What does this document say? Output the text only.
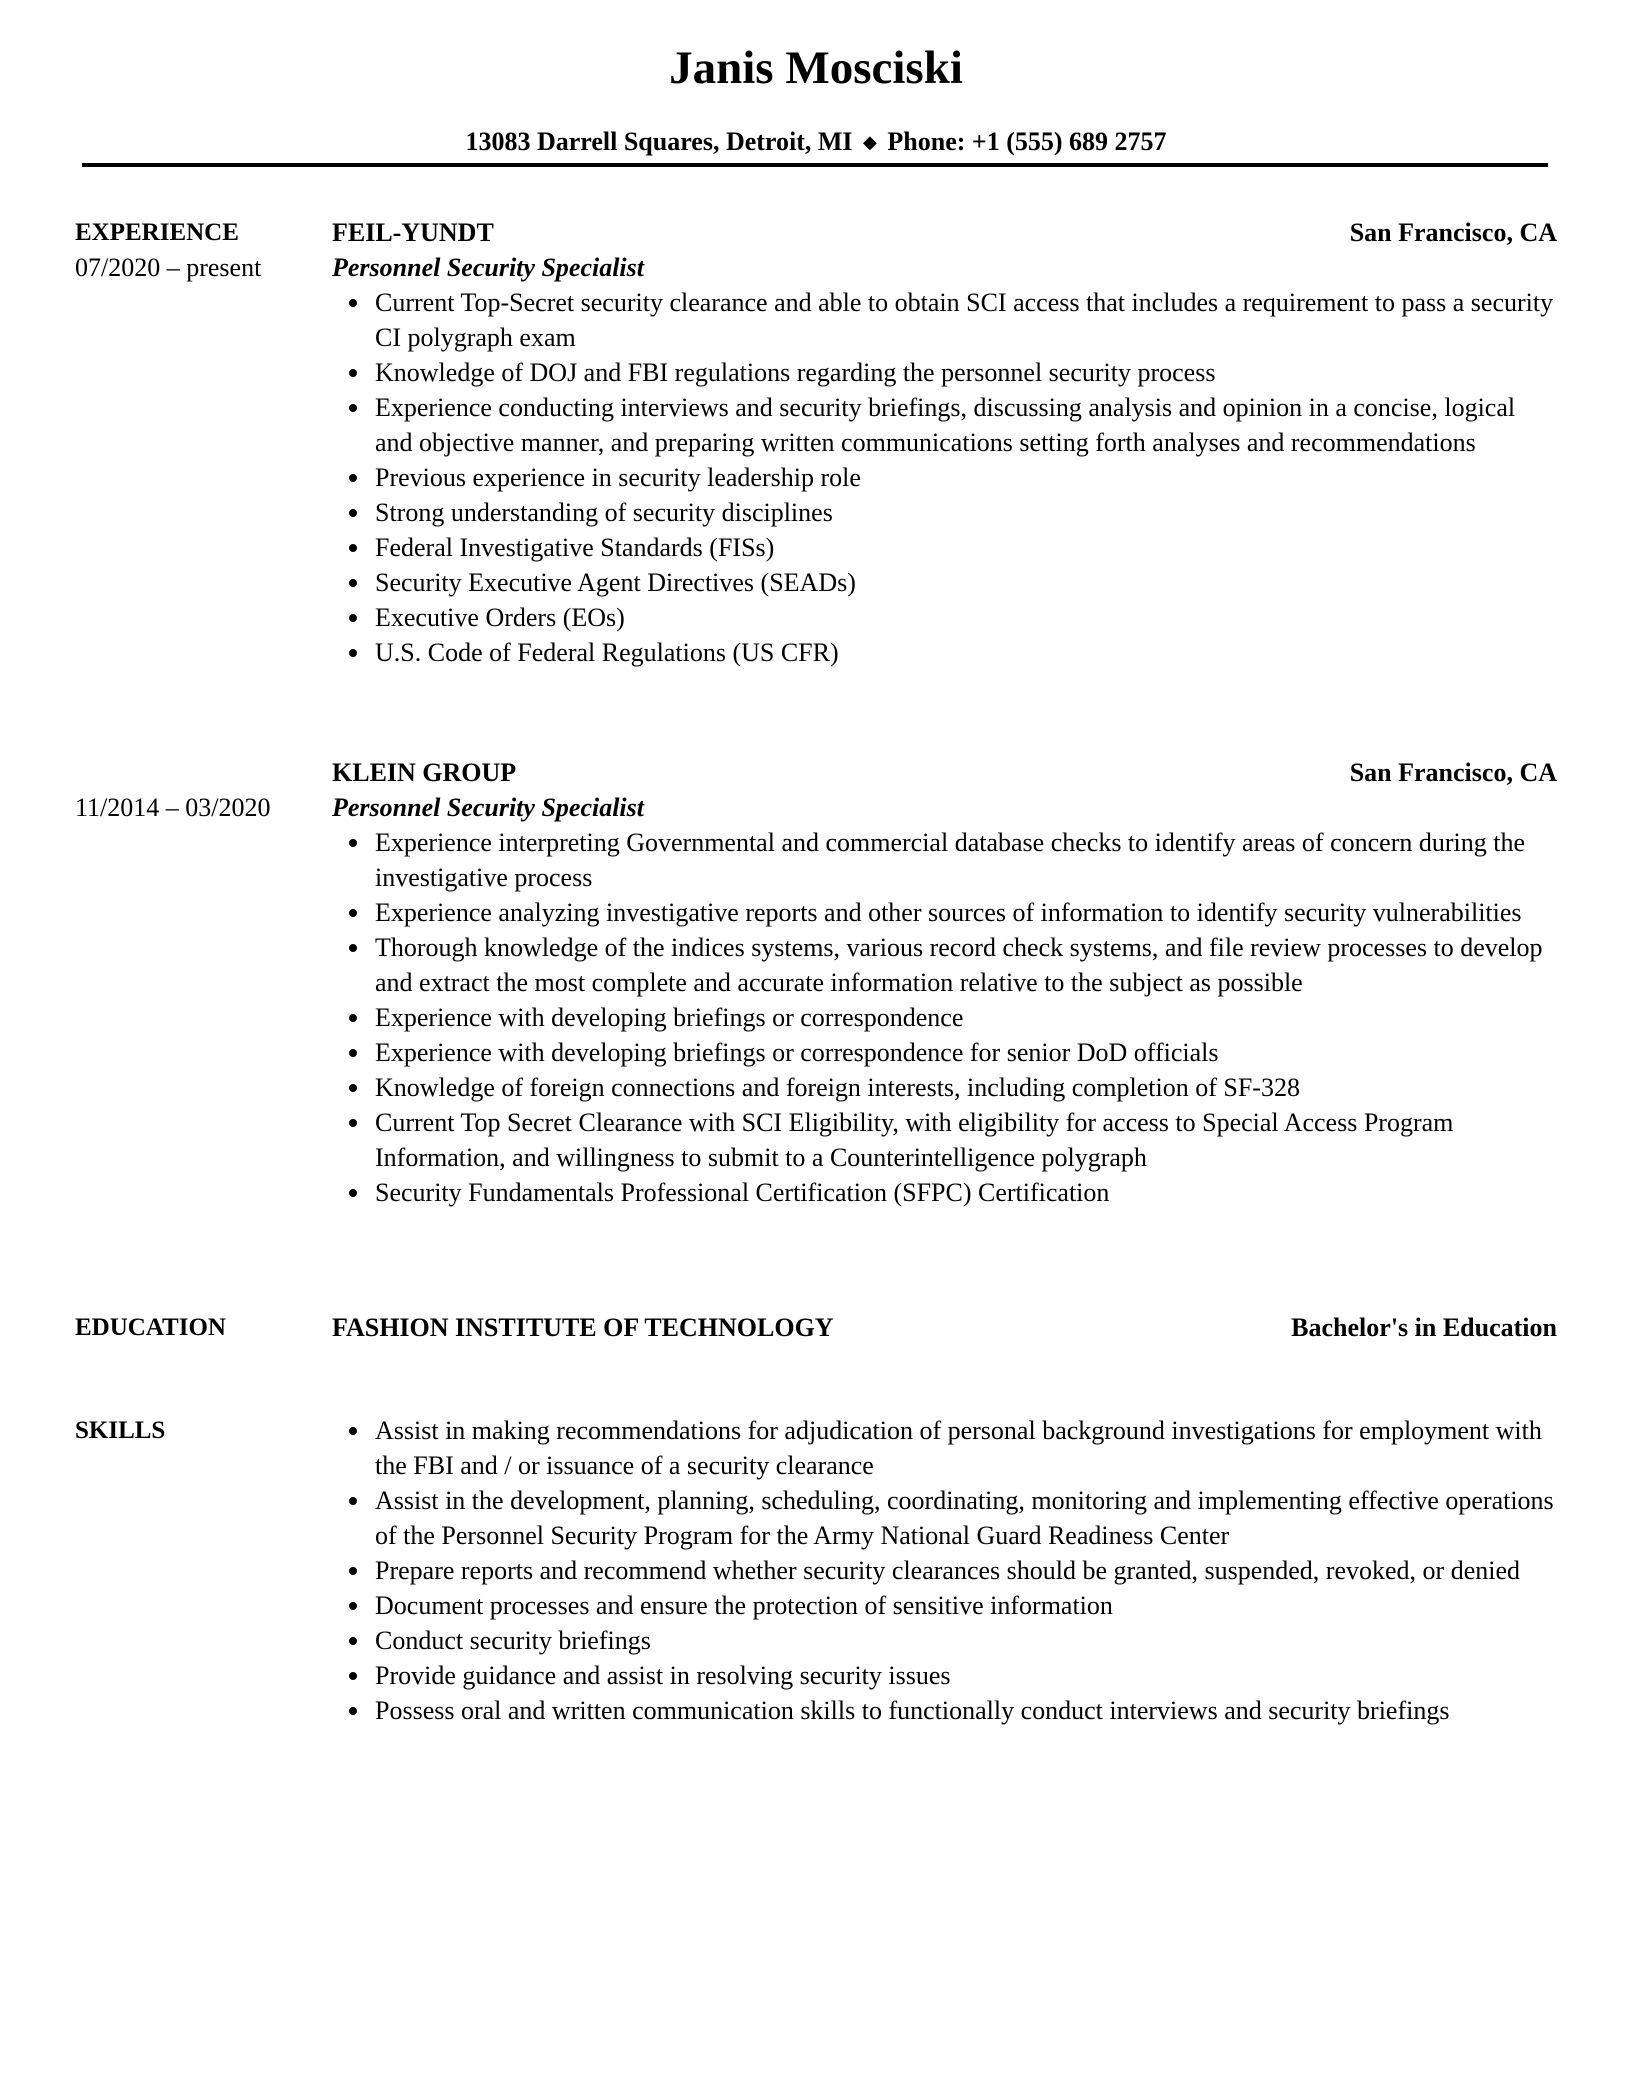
Janis Mosciski
13083 Darrell Squares, Detroit, MI ◆ Phone: +1 (555) 689 2757
EXPERIENCE
07/2020 – present
FEIL-YUNDT	San Francisco, CA
Personnel Security Specialist
Current Top-Secret security clearance and able to obtain SCI access that includes a requirement to pass a security CI polygraph exam
Knowledge of DOJ and FBI regulations regarding the personnel security process
Experience conducting interviews and security briefings, discussing analysis and opinion in a concise, logical and objective manner, and preparing written communications setting forth analyses and recommendations
Previous experience in security leadership role
Strong understanding of security disciplines
Federal Investigative Standards (FISs)
Security Executive Agent Directives (SEADs)
Executive Orders (EOs)
U.S. Code of Federal Regulations (US CFR)
11/2014 – 03/2020
KLEIN GROUP	San Francisco, CA
Personnel Security Specialist
Experience interpreting Governmental and commercial database checks to identify areas of concern during the investigative process
Experience analyzing investigative reports and other sources of information to identify security vulnerabilities
Thorough knowledge of the indices systems, various record check systems, and file review processes to develop and extract the most complete and accurate information relative to the subject as possible
Experience with developing briefings or correspondence
Experience with developing briefings or correspondence for senior DoD officials
Knowledge of foreign connections and foreign interests, including completion of SF-328
Current Top Secret Clearance with SCI Eligibility, with eligibility for access to Special Access Program Information, and willingness to submit to a Counterintelligence polygraph
Security Fundamentals Professional Certification (SFPC) Certification
EDUCATION	FASHION INSTITUTE OF TECHNOLOGY	Bachelor's in Education
SKILLS	Assist in making recommendations for adjudication of personal background investigations for employment with the FBI and / or issuance of a security clearance
Assist in the development, planning, scheduling, coordinating, monitoring and implementing effective operations of the Personnel Security Program for the Army National Guard Readiness Center
Prepare reports and recommend whether security clearances should be granted, suspended, revoked, or denied
Document processes and ensure the protection of sensitive information
Conduct security briefings
Provide guidance and assist in resolving security issues
Possess oral and written communication skills to functionally conduct interviews and security briefings
